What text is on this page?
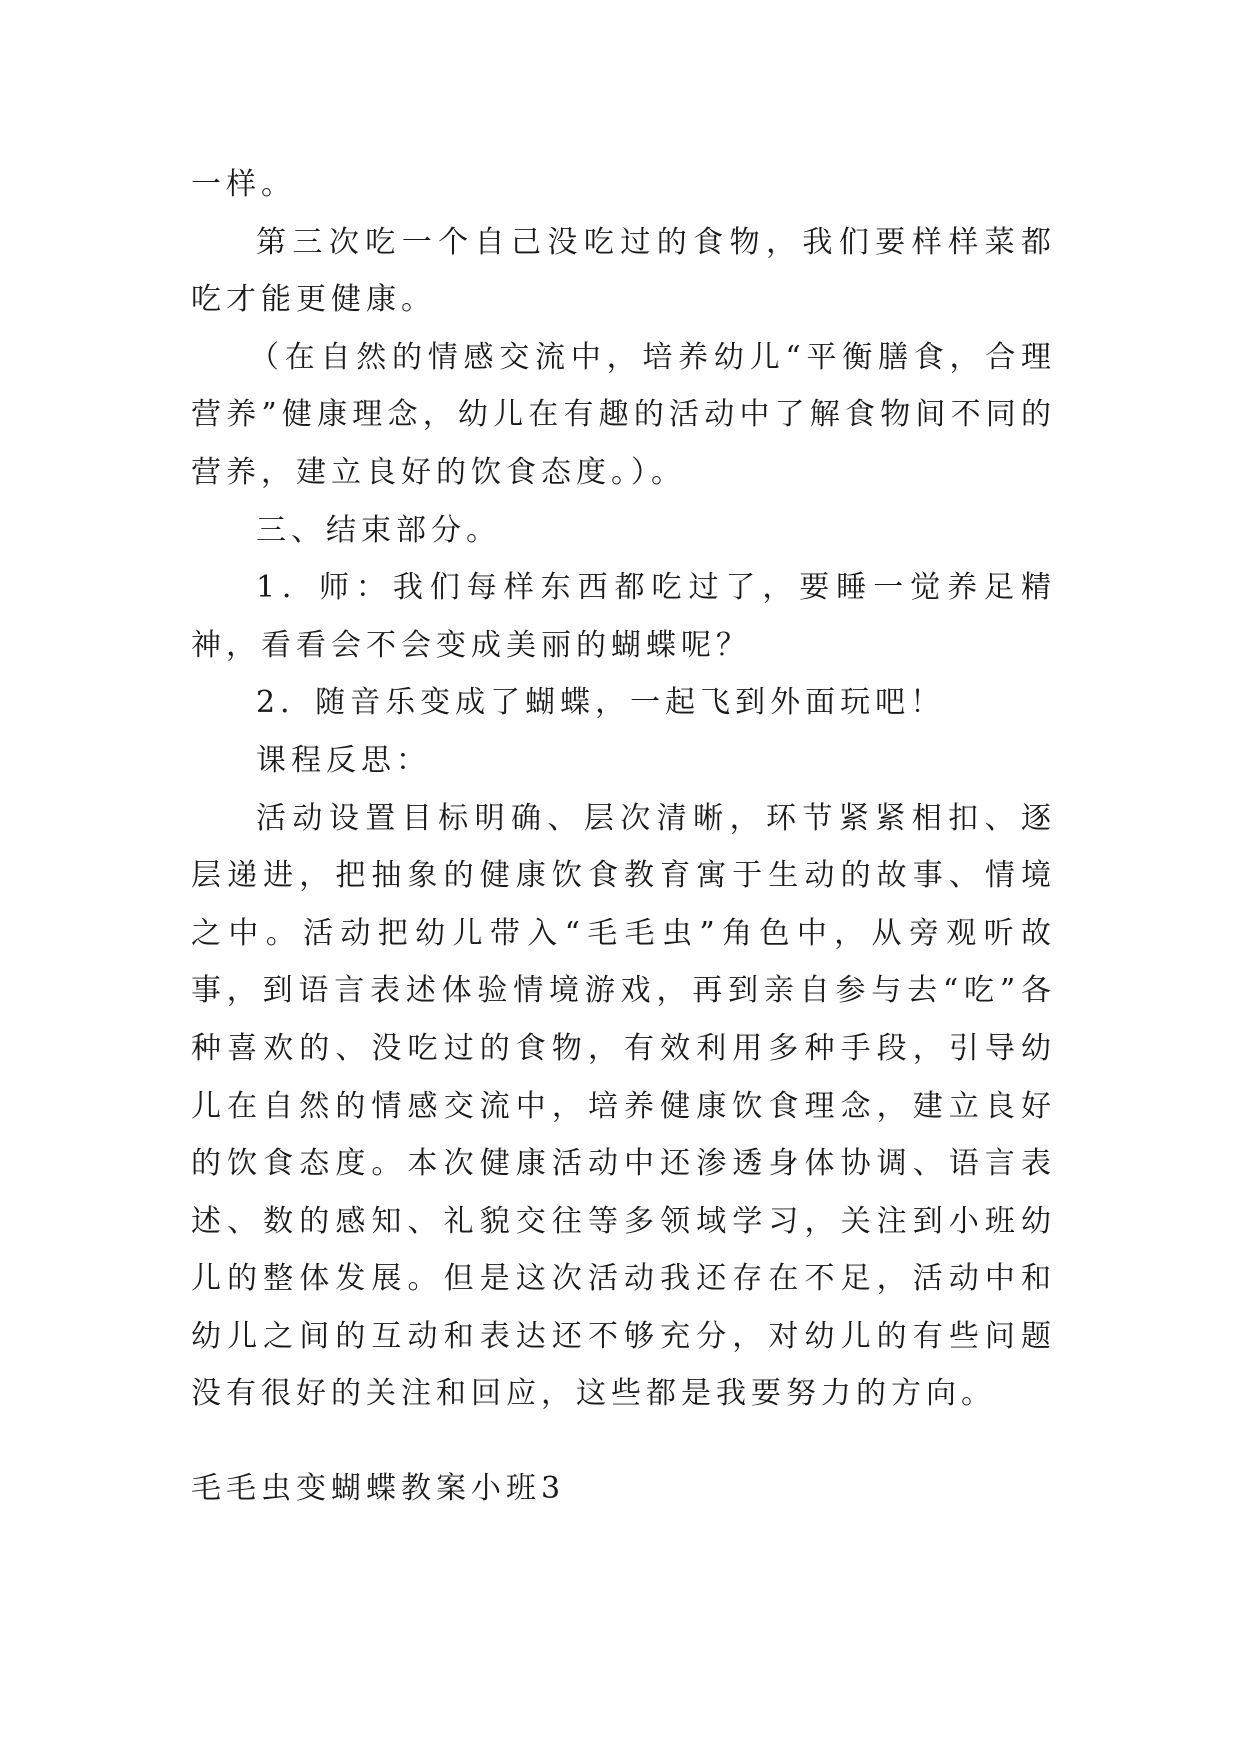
一样。

第三次吃一个自己没吃过的食物，我们要样样菜都吃才能更健康。

（在自然的情感交流中，培养幼儿“平衡膳食，合理营养”健康理念，幼儿在有趣的活动中了解食物间不同的营养，建立良好的饮食态度。）。

三、结束部分。

1．师：我们每样东西都吃过了，要睡一觉养足精神，看看会不会变成美丽的蝴蝶呢？

2．随音乐变成了蝴蝶，一起飞到外面玩吧！

课程反思：

活动设置目标明确、层次清晰，环节紧紧相扣、逐层递进，把抽象的健康饮食教育寓于生动的故事、情境之中。活动把幼儿带入“毛毛虫”角色中，从旁观听故事，到语言表述体验情境游戏，再到亲自参与去“吃”各种喜欢的、没吃过的食物，有效利用多种手段，引导幼儿在自然的情感交流中，培养健康饮食理念，建立良好的饮食态度。本次健康活动中还渗透身体协调、语言表述、数的感知、礼貌交往等多领域学习，关注到小班幼儿的整体发展。但是这次活动我还存在不足，活动中和幼儿之间的互动和表达还不够充分，对幼儿的有些问题没有很好的关注和回应，这些都是我要努力的方向。

毛毛虫变蝴蝶教案小班3
